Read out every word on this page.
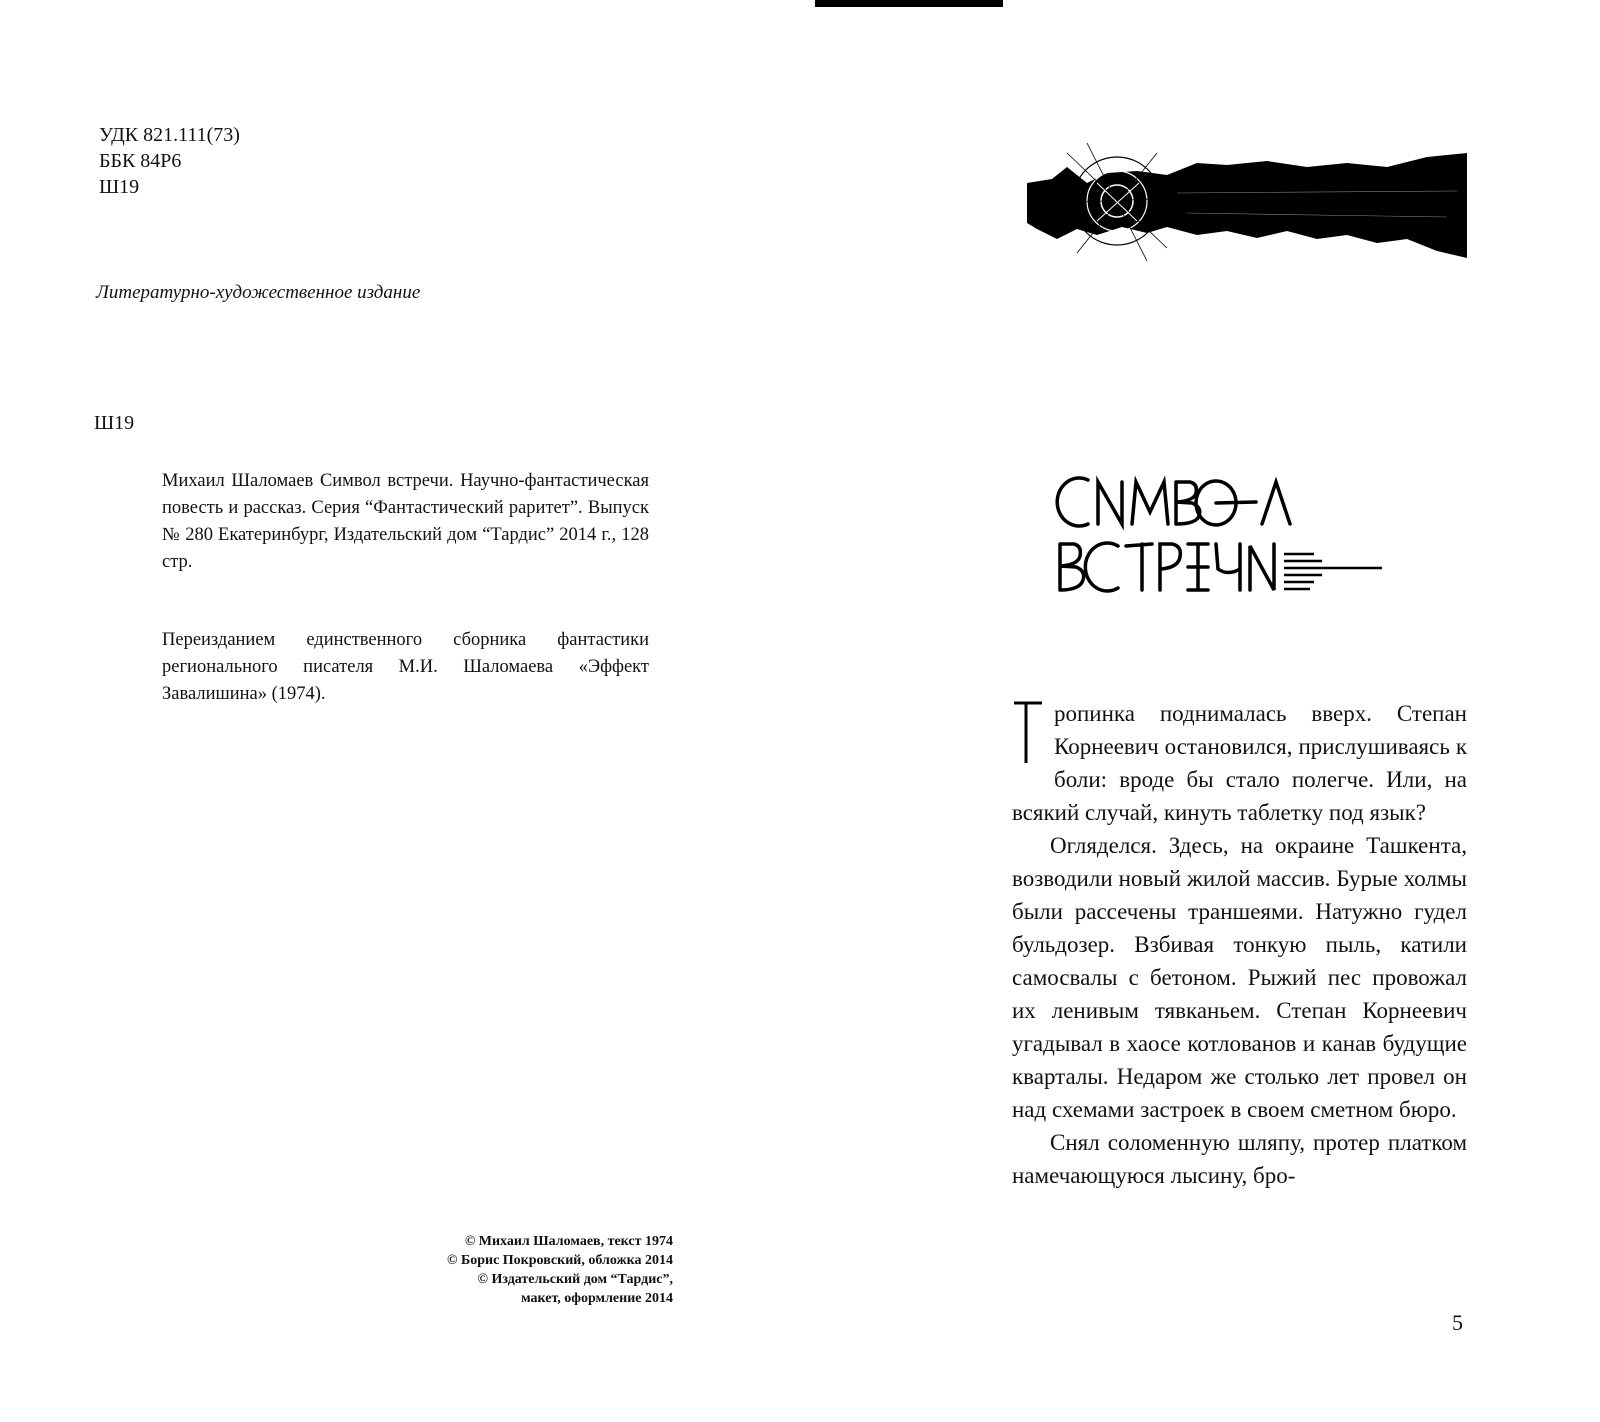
УДК 821.111(73)
ББК 84Р6
Ш19
Литературно-художественное издание
Ш19
Михаил Шаломаев Символ встречи. Научно-фантастическая повесть и рассказ. Серия “Фантастический раритет”. Выпуск № 280 Екатеринбург, Издательский дом “Тардис” 2014 г., 128 стр.
Переизданием единственного сборника фантастики регионального писателя М.И. Шаломаева «Эффект Завалишина» (1974).
© Михаил Шаломаев, текст 1974
© Борис Покровский, обложка 2014
© Издательский дом “Тардис”,
макет, оформление 2014

ропинка поднималась вверх. Степан Корнеевич остановился, прислушиваясь к боли: вроде бы стало полегче. Или, на всякий случай, кинуть таблетку под язык?

Огляделся. Здесь, на окраине Ташкента, возводили новый жилой массив. Бурые холмы были рассечены траншеями. Натужно гудел бульдозер. Взбивая тонкую пыль, катили самосвалы с бетоном. Рыжий пес провожал их ленивым тявканьем. Степан Корнеевич угадывал в хаосе котлованов и канав будущие кварталы. Недаром же столько лет провел он над схемами застроек в своем сметном бюро.

Снял соломенную шляпу, протер платком намечающуюся лысину, бро-

5
